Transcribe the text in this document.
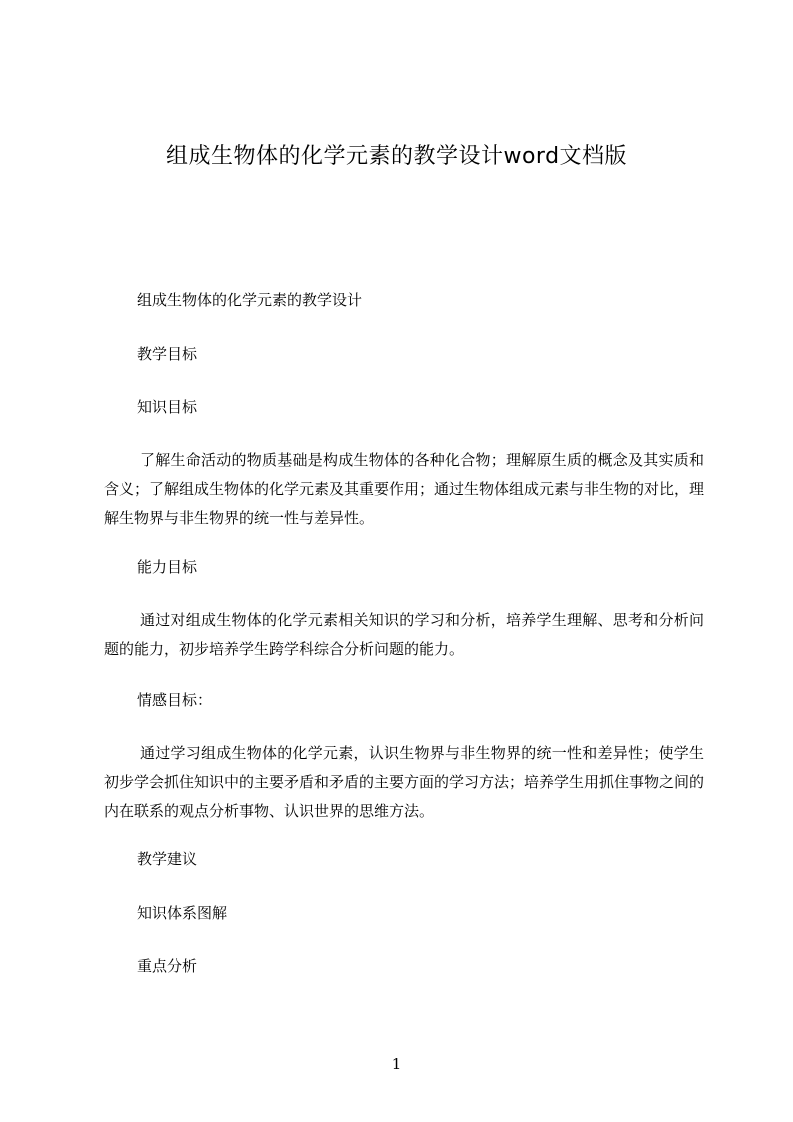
组成生物体的化学元素的教学设计word文档版
组成生物体的化学元素的教学设计
教学目标
知识目标
了解生命活动的物质基础是构成生物体的各种化合物；理解原生质的概念及其实质和含义；了解组成生物体的化学元素及其重要作用；通过生物体组成元素与非生物的对比，理解生物界与非生物界的统一性与差异性。
能力目标
通过对组成生物体的化学元素相关知识的学习和分析，培养学生理解、思考和分析问题的能力，初步培养学生跨学科综合分析问题的能力。
情感目标：
通过学习组成生物体的化学元素，认识生物界与非生物界的统一性和差异性；使学生初步学会抓住知识中的主要矛盾和矛盾的主要方面的学习方法；培养学生用抓住事物之间的内在联系的观点分析事物、认识世界的思维方法。
教学建议
知识体系图解
重点分析
1
